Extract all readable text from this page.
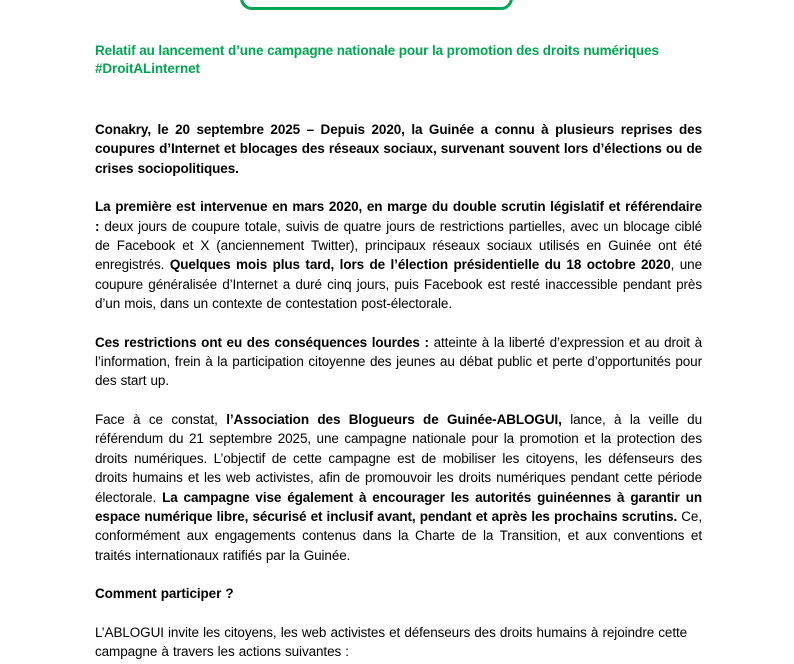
Relatif au lancement d’une campagne nationale pour la promotion des droits numériques #DroitALinternet

Conakry, le 20 septembre 2025 – Depuis 2020, la Guinée a connu à plusieurs reprises des coupures d’Internet et blocages des réseaux sociaux, survenant souvent lors d’élections ou de crises sociopolitiques.

La première est intervenue en mars 2020, en marge du double scrutin législatif et référendaire : deux jours de coupure totale, suivis de quatre jours de restrictions partielles, avec un blocage ciblé de Facebook et X (anciennement Twitter), principaux réseaux sociaux utilisés en Guinée ont été enregistrés. Quelques mois plus tard, lors de l’élection présidentielle du 18 octobre 2020, une coupure généralisée d’Internet a duré cinq jours, puis Facebook est resté inaccessible pendant près d’un mois, dans un contexte de contestation post-électorale.

Ces restrictions ont eu des conséquences lourdes : atteinte à la liberté d’expression et au droit à l’information, frein à la participation citoyenne des jeunes au débat public et perte d’opportunités pour des start up.

Face à ce constat, l’Association des Blogueurs de Guinée-ABLOGUI, lance, à la veille du référendum du 21 septembre 2025, une campagne nationale pour la promotion et la protection des droits numériques. L’objectif de cette campagne est de mobiliser les citoyens, les défenseurs des droits humains et les web activistes, afin de promouvoir les droits numériques pendant cette période électorale. La campagne vise également à encourager les autorités guinéennes à garantir un espace numérique libre, sécurisé et inclusif avant, pendant et après les prochains scrutins. Ce, conformément aux engagements contenus dans la Charte de la Transition, et aux conventions et traités internationaux ratifiés par la Guinée.

Comment participer ?

L’ABLOGUI invite les citoyens, les web activistes et défenseurs des droits humains à rejoindre cette campagne à travers les actions suivantes :
